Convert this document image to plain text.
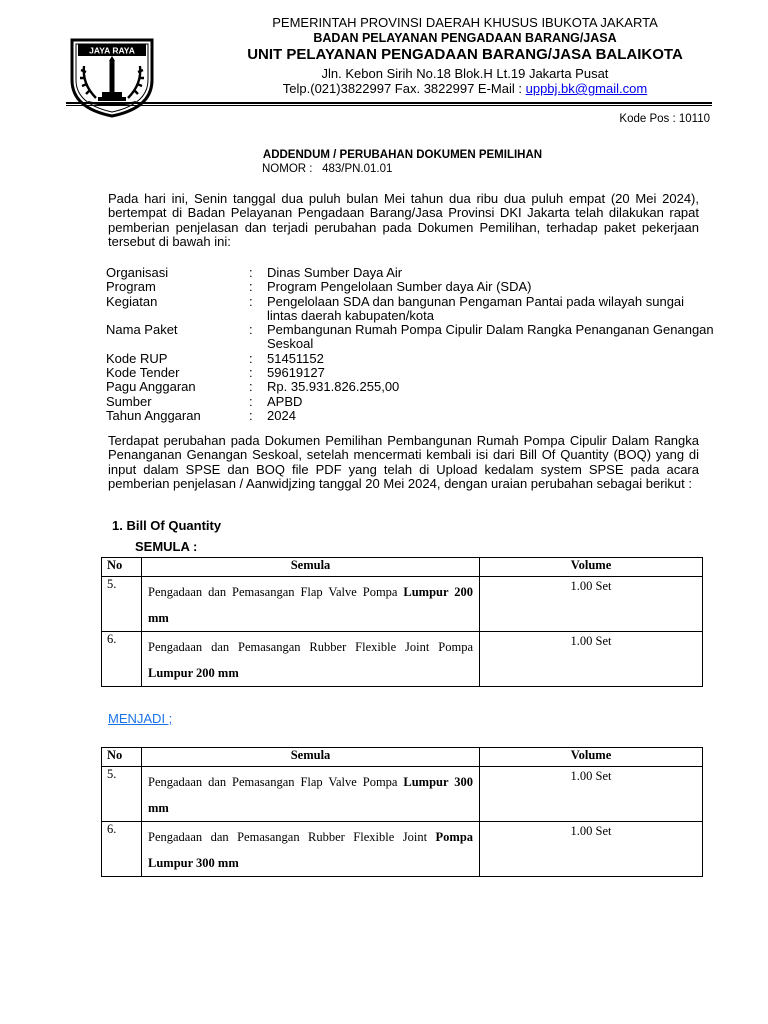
JAYA RAYA
PEMERINTAH PROVINSI DAERAH KHUSUS IBUKOTA JAKARTA
BADAN PELAYANAN PENGADAAN BARANG/JASA
UNIT PELAYANAN PENGADAAN BARANG/JASA BALAIKOTA
Jln. Kebon Sirih No.18 Blok.H Lt.19 Jakarta Pusat
Telp.(021)3822997 Fax. 3822997 E-Mail : uppbj.bk@gmail.com
Kode Pos : 10110
ADDENDUM / PERUBAHAN DOKUMEN PEMILIHAN
NOMOR : 483/PN.01.01
Pada hari ini, Senin tanggal dua puluh bulan Mei tahun dua ribu dua puluh empat (20 Mei 2024), bertempat di Badan Pelayanan Pengadaan Barang/Jasa Provinsi DKI Jakarta telah dilakukan rapat pemberian penjelasan dan terjadi perubahan pada Dokumen Pemilihan, terhadap paket pekerjaan tersebut di bawah ini:
Organisasi	:	Dinas Sumber Daya Air
Program	:	Program Pengelolaan Sumber daya Air (SDA)
Kegiatan	:	Pengelolaan SDA dan bangunan Pengaman Pantai pada wilayah sungai lintas daerah kabupaten/kota
Nama Paket	:	Pembangunan Rumah Pompa Cipulir Dalam Rangka Penanganan Genangan Seskoal
Kode RUP	:	51451152
Kode Tender	:	59619127
Pagu Anggaran	:	Rp. 35.931.826.255,00
Sumber	:	APBD
Tahun Anggaran	:	2024
Terdapat perubahan pada Dokumen Pemilihan Pembangunan Rumah Pompa Cipulir Dalam Rangka Penanganan Genangan Seskoal, setelah mencermati kembali isi dari Bill Of Quantity (BOQ) yang di input dalam SPSE dan BOQ file PDF yang telah di Upload kedalam system SPSE pada acara pemberian penjelasan / Aanwidjzing tanggal 20 Mei 2024, dengan uraian perubahan sebagai berikut :
1. Bill Of Quantity
SEMULA :
No	Semula	Volume
5.	Pengadaan dan Pemasangan Flap Valve Pompa Lumpur 200 mm	1.00 Set

6.	Pengadaan dan Pemasangan Rubber Flexible Joint Pompa Lumpur 200 mm	1.00 Set
MENJADI ;
No	Semula	Volume
5.	Pengadaan dan Pemasangan Flap Valve Pompa Lumpur 300 mm	1.00 Set

6.	Pengadaan dan Pemasangan Rubber Flexible Joint Pompa Lumpur 300 mm	1.00 Set
